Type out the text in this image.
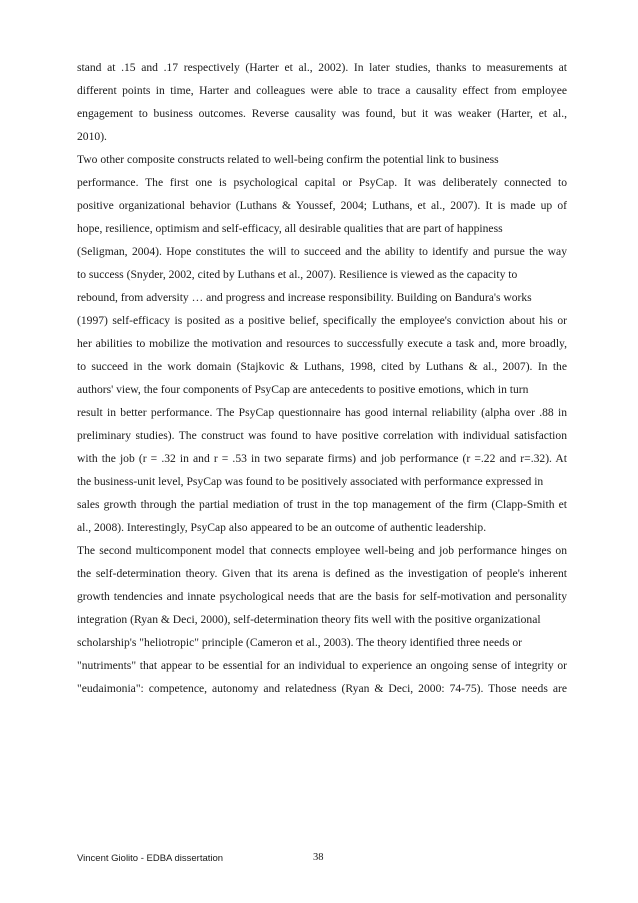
stand at .15 and .17 respectively (Harter et al., 2002). In later studies, thanks to measurements at
different points in time, Harter and colleagues were able to trace a causality effect from employee
engagement to business outcomes. Reverse causality was found, but it was weaker (Harter, et al.,
2010).
Two other composite constructs related to well-being confirm the potential link to business
performance. The first one is psychological capital or PsyCap. It was deliberately connected to
positive organizational behavior (Luthans & Youssef, 2004; Luthans, et al., 2007). It is made up of
hope, resilience, optimism and self-efficacy, all desirable qualities that are part of happiness
(Seligman, 2004). Hope constitutes the will to succeed and the ability to identify and pursue the way
to success (Snyder, 2002, cited by Luthans et al., 2007). Resilience is viewed as the capacity to
rebound, from adversity … and progress and increase responsibility. Building on Bandura's works
(1997) self-efficacy is posited as a positive belief, specifically the employee's conviction about his or
her abilities to mobilize the motivation and resources to successfully execute a task and, more broadly,
to succeed in the work domain (Stajkovic & Luthans, 1998, cited by Luthans & al., 2007). In the
authors' view, the four components of PsyCap are antecedents to positive emotions, which in turn
result in better performance. The PsyCap questionnaire has good internal reliability (alpha over .88 in
preliminary studies). The construct was found to have positive correlation with individual satisfaction
with the job (r = .32 in and r = .53 in two separate firms) and job performance (r =.22 and r=.32). At
the business-unit level, PsyCap was found to be positively associated with performance expressed in
sales growth through the partial mediation of trust in the top management of the firm (Clapp-Smith et
al., 2008). Interestingly, PsyCap also appeared to be an outcome of authentic leadership.
The second multicomponent model that connects employee well-being and job performance hinges on
the self-determination theory. Given that its arena is defined as the investigation of people's inherent
growth tendencies and innate psychological needs that are the basis for self-motivation and personality
integration (Ryan & Deci, 2000), self-determination theory fits well with the positive organizational
scholarship's "heliotropic" principle (Cameron et al., 2003). The theory identified three needs or
"nutriments" that appear to be essential for an individual to experience an ongoing sense of integrity or
"eudaimonia": competence, autonomy and relatedness (Ryan & Deci, 2000: 74-75). Those needs are
Vincent Giolito - EDBA dissertation	38
